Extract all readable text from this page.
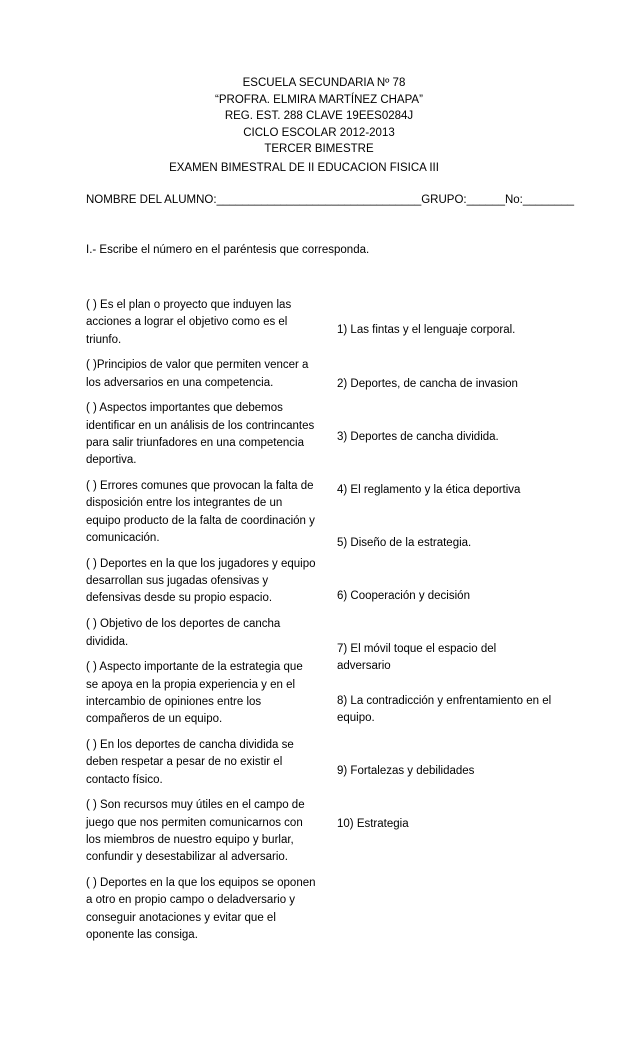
ESCUELA SECUNDARIA Nº 78
“PROFRA. ELMIRA MARTÍNEZ CHAPA”
REG. EST. 288 CLAVE 19EES0284J
CICLO ESCOLAR 2012-2013
TERCER BIMESTRE
EXAMEN BIMESTRAL DE II EDUCACION FISICA III
NOMBRE DEL ALUMNO:________________________________GRUPO:______No:________
I.- Escribe el número en el paréntesis que corresponda.

( ) Es el plan o proyecto que induyen las acciones a lograr el objetivo como es el triunfo.

( )Principios de valor que permiten vencer a los adversarios en una competencia.

( ) Aspectos importantes que debemos identificar en un análisis de los contrincantes para salir triunfadores en una competencia deportiva.

( ) Errores comunes que provocan la falta de disposición entre los integrantes de un equipo producto de la falta de coordinación y comunicación.

( ) Deportes en la que los jugadores y equipo desarrollan sus jugadas ofensivas y defensivas desde su propio espacio.

( ) Objetivo de los deportes de cancha dividida.

( ) Aspecto importante de la estrategia que se apoya en la propia experiencia y en el intercambio de opiniones entre los compañeros de un equipo.

( ) En los deportes de cancha dividida se deben respetar a pesar de no existir el contacto físico.

( ) Son recursos muy útiles en el campo de juego que nos permiten comunicarnos con los miembros de nuestro equipo y burlar, confundir y desestabilizar al adversario.

( ) Deportes en la que los equipos se oponen a otro en propio campo o deladversario y conseguir anotaciones y evitar que el oponente las consiga.

1) Las fintas y el lenguaje corporal.
2) Deportes, de cancha de invasion
3) Deportes de cancha dividida.
4) El reglamento y la ética deportiva
5) Diseño de la estrategia.
6) Cooperación y decisión
7) El móvil toque el espacio del adversario
8) La contradicción y enfrentamiento en el equipo.
9) Fortalezas y debilidades
10) Estrategia
